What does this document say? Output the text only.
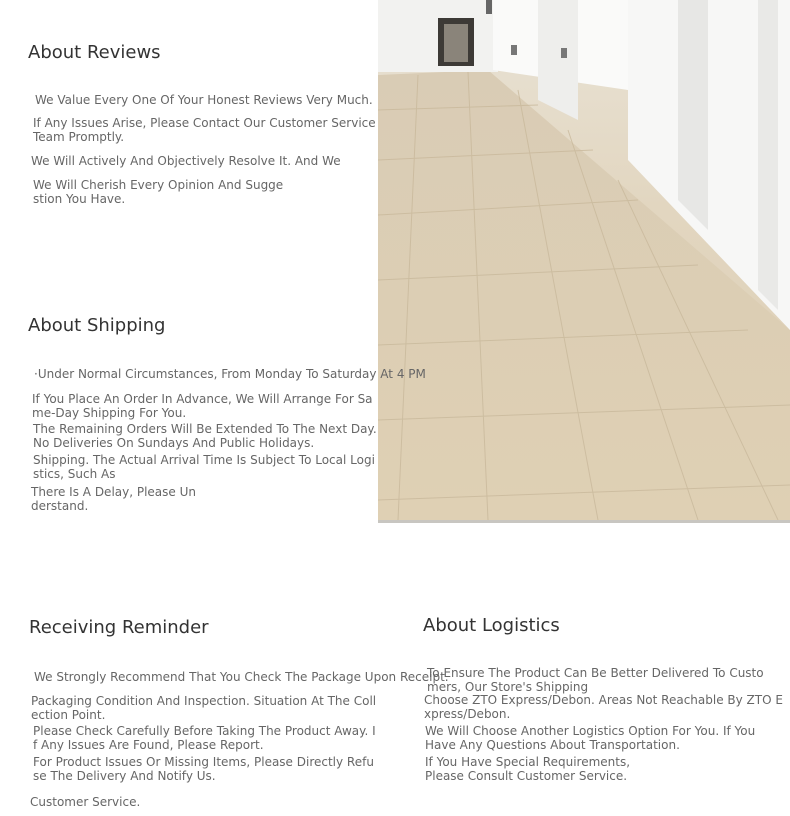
About Reviews

We Value Every One Of Your Honest Reviews Very Much.

If Any Issues Arise, Please Contact Our Customer Service
Team Promptly.

We Will Actively And Objectively Resolve It. And We

We Will Cherish Every Opinion And Sugge
stion You Have.

About Shipping

·Under Normal Circumstances, From Monday To Saturday At 4 PM

If You Place An Order In Advance, We Will Arrange For Sa
me-Day Shipping For You.

The Remaining Orders Will Be Extended To The Next Day.
No Deliveries On Sundays And Public Holidays.

Shipping. The Actual Arrival Time Is Subject To Local Logi
stics, Such As

There Is A Delay, Please Un
derstand.

Receiving Reminder

We Strongly Recommend That You Check The Package Upon Receipt.

Packaging Condition And Inspection. Situation At The Coll
ection Point.

Please Check Carefully Before Taking The Product Away. I
f Any Issues Are Found, Please Report.

For Product Issues Or Missing Items, Please Directly Refu
se The Delivery And Notify Us.

Customer Service.

About Logistics

To Ensure The Product Can Be Better Delivered To Custo
mers, Our Store's Shipping

Choose ZTO Express/Debon. Areas Not Reachable By ZTO E
xpress/Debon.

We Will Choose Another Logistics Option For You. If You
Have Any Questions About Transportation.

If You Have Special Requirements,
Please Consult Customer Service.
